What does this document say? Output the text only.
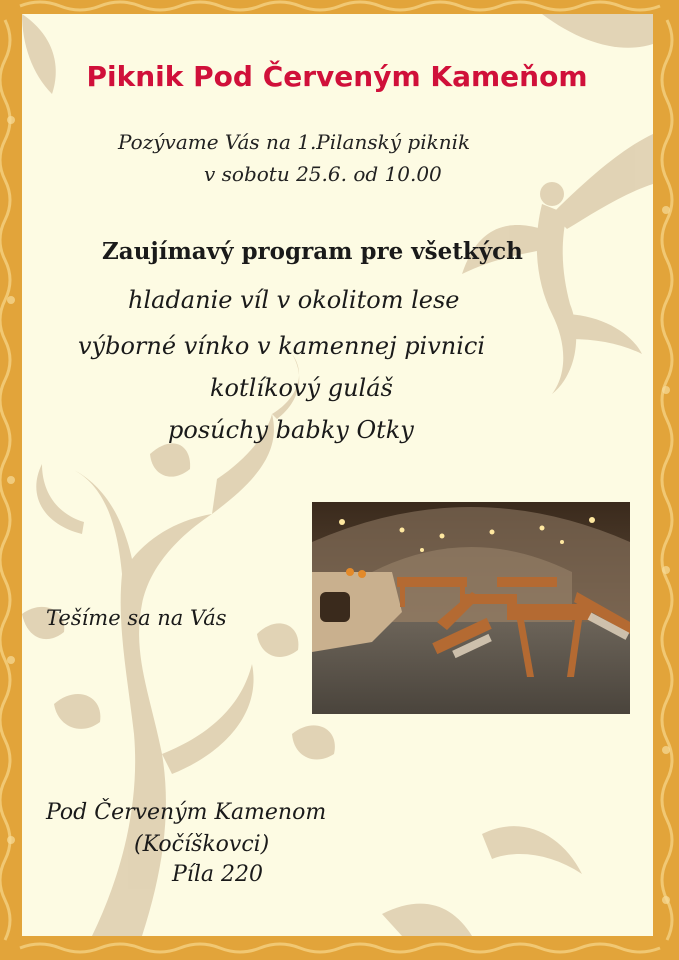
Piknik Pod Červeným Kameňom
Pozývame Vás na 1.Pilanský piknik
v sobotu 25.6. od 10.00
Zaujímavý program pre všetkých
hladanie víl v okolitom lese
výborné vínko v kamennej pivnici
kotlíkový guláš
posúchy babky Otky
Tešíme sa na Vás
Pod Červeným Kamenom
(Kočíškovci)
Píla 220
